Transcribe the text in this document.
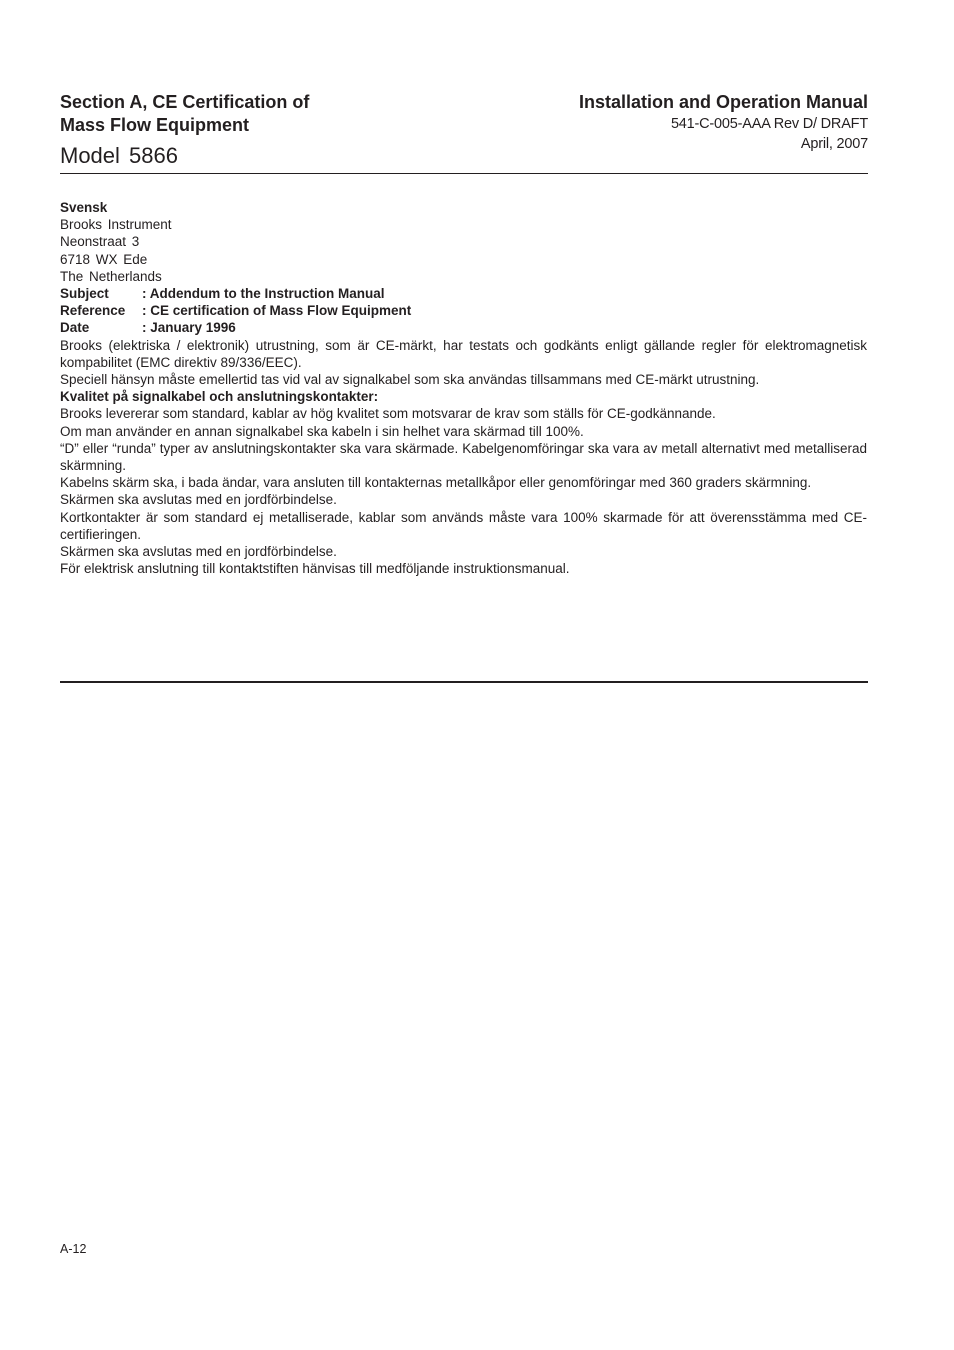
Section A, CE Certification of
Mass Flow Equipment
Model 5866
Installation and Operation Manual
541-C-005-AAA Rev D/ DRAFT
April, 2007

Svensk

Brooks Instrument

Neonstraat 3

6718 WX Ede

The Netherlands

Subject	: Addendum to the Instruction Manual
Reference	: CE certification of Mass Flow Equipment
Date	: January 1996

Brooks (elektriska / elektronik) utrustning, som är CE-märkt, har testats och godkänts enligt gällande regler för elektromagnetisk kompabilitet (EMC direktiv 89/336/EEC).

Speciell hänsyn måste emellertid tas vid val av signalkabel som ska användas tillsammans med CE-märkt utrustning.

Kvalitet på signalkabel och anslutningskontakter:

Brooks levererar som standard, kablar av hög kvalitet som motsvarar de krav som ställs för CE-godkännande.

Om man använder en annan signalkabel ska kabeln i sin helhet vara skärmad till 100%.

“D” eller “runda” typer av anslutningskontakter ska vara skärmade. Kabelgenomföringar ska vara av metall alternativt med metalliserad skärmning.

Kabelns skärm ska, i bada ändar, vara ansluten till kontakternas metallkåpor eller genomföringar med 360 graders skärmning.

Skärmen ska avslutas med en jordförbindelse.

Kortkontakter är som standard ej metalliserade, kablar som används måste vara 100% skarmade för att överensstämma med CE-certifieringen.

Skärmen ska avslutas med en jordförbindelse.

För elektrisk anslutning till kontaktstiften hänvisas till medföljande instruktionsmanual.

A-12
